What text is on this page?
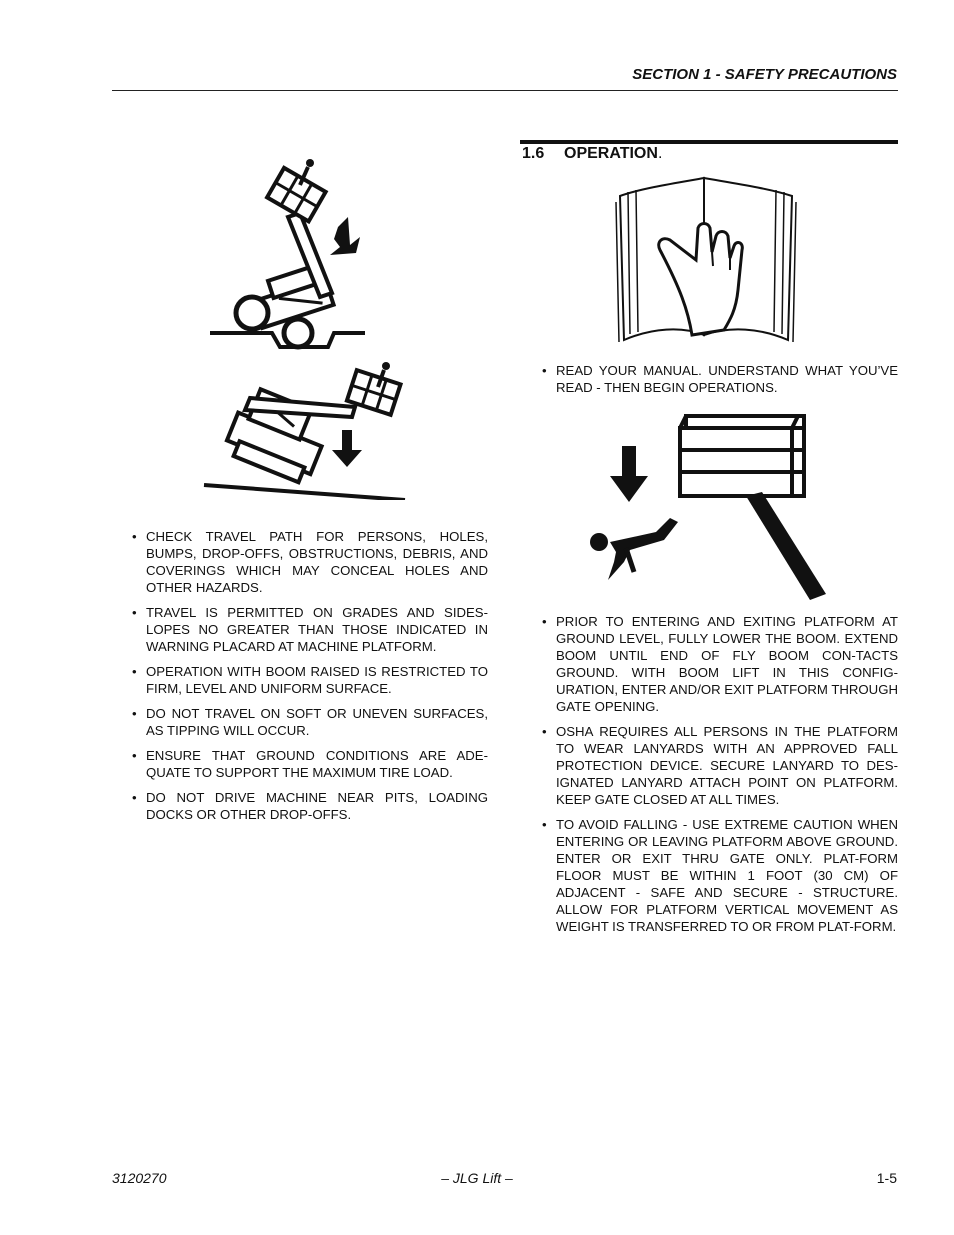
SECTION 1 - SAFETY PRECAUTIONS
1.6 OPERATION.
• READ YOUR MANUAL. UNDERSTAND WHAT YOU’VE READ - THEN BEGIN OPERATIONS.
• CHECK TRAVEL PATH FOR PERSONS, HOLES, BUMPS, DROP-OFFS, OBSTRUCTIONS, DEBRIS, AND COVERINGS WHICH MAY CONCEAL HOLES AND OTHER HAZARDS.
• TRAVEL IS PERMITTED ON GRADES AND SIDES-LOPES NO GREATER THAN THOSE INDICATED IN WARNING PLACARD AT MACHINE PLATFORM.
• OPERATION WITH BOOM RAISED IS RESTRICTED TO FIRM, LEVEL AND UNIFORM SURFACE.
• DO NOT TRAVEL ON SOFT OR UNEVEN SURFACES, AS TIPPING WILL OCCUR.
• ENSURE THAT GROUND CONDITIONS ARE ADE-QUATE TO SUPPORT THE MAXIMUM TIRE LOAD.
• DO NOT DRIVE MACHINE NEAR PITS, LOADING DOCKS OR OTHER DROP-OFFS.
• PRIOR TO ENTERING AND EXITING PLATFORM AT GROUND LEVEL, FULLY LOWER THE BOOM. EXTEND BOOM UNTIL END OF FLY BOOM CON-TACTS GROUND. WITH BOOM LIFT IN THIS CONFIG-URATION, ENTER AND/OR EXIT PLATFORM THROUGH GATE OPENING.
• OSHA REQUIRES ALL PERSONS IN THE PLATFORM TO WEAR LANYARDS WITH AN APPROVED FALL PROTECTION DEVICE. SECURE LANYARD TO DES-IGNATED LANYARD ATTACH POINT ON PLATFORM. KEEP GATE CLOSED AT ALL TIMES.
• TO AVOID FALLING - USE EXTREME CAUTION WHEN ENTERING OR LEAVING PLATFORM ABOVE GROUND. ENTER OR EXIT THRU GATE ONLY. PLAT-FORM FLOOR MUST BE WITHIN 1 FOOT (30 CM) OF ADJACENT - SAFE AND SECURE - STRUCTURE. ALLOW FOR PLATFORM VERTICAL MOVEMENT AS WEIGHT IS TRANSFERRED TO OR FROM PLAT-FORM.
– JLG Lift –
3120270	1-5
